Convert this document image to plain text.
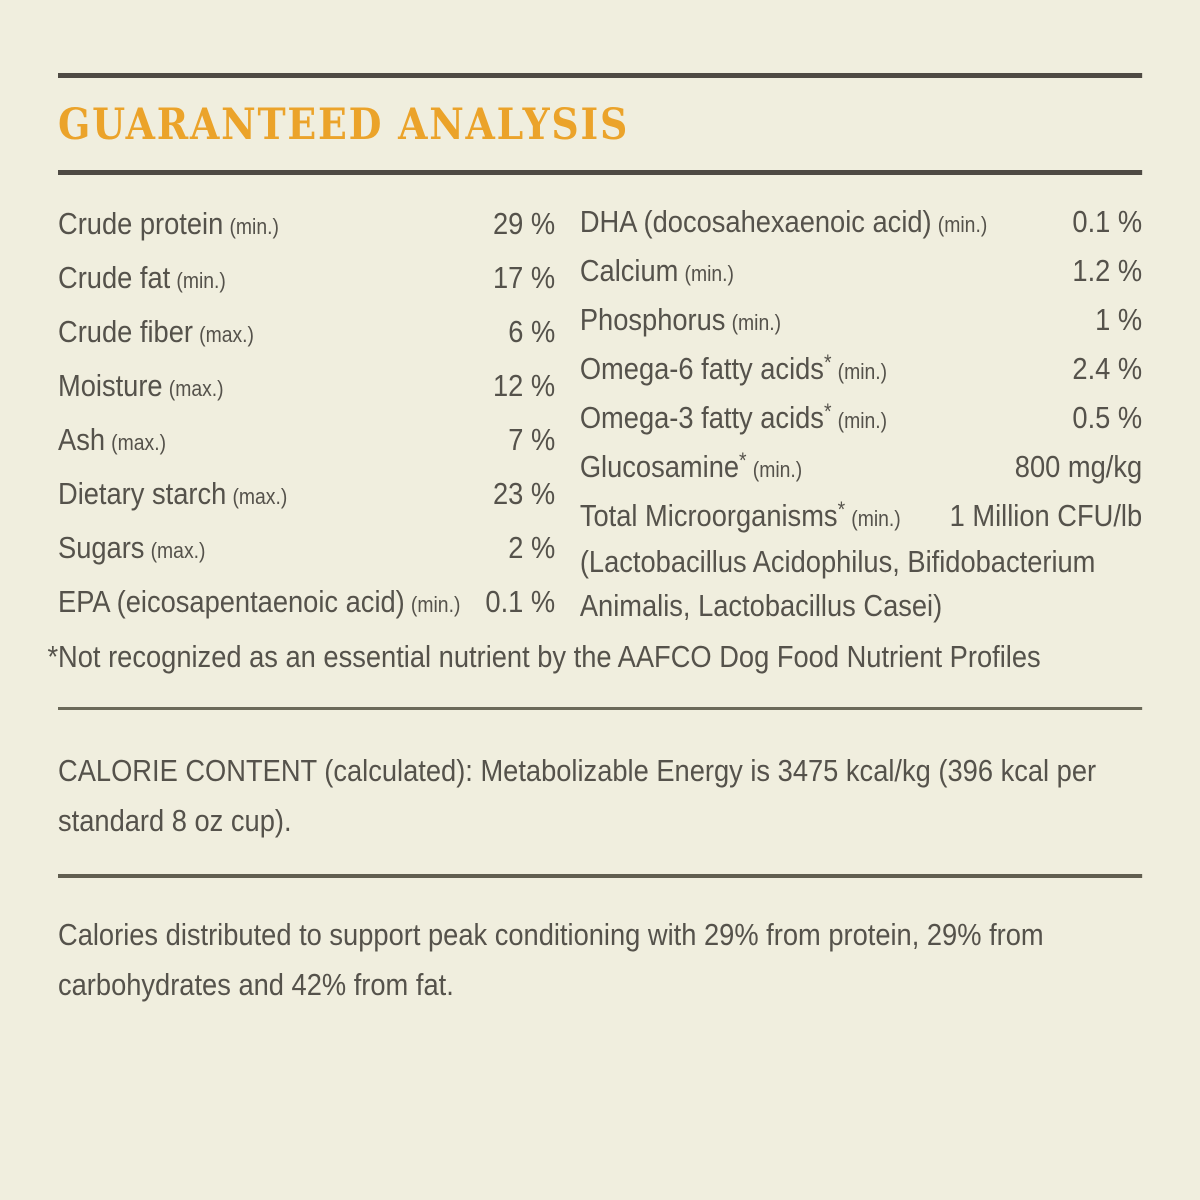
GUARANTEED ANALYSIS
Crude protein (min.)	29 %
Crude fat (min.)	17 %
Crude fiber (max.)	6 %
Moisture (max.)	12 %
Ash (max.)	7 %
Dietary starch (max.)	23 %
Sugars (max.)	2 %
EPA (eicosapentaenoic acid) (min.) 0.1 %
DHA (docosahexaenoic acid) (min.)	0.1 %
Calcium (min.)	1.2 %
Phosphorus (min.)	1 %
Omega-6 fatty acids* (min.)	2.4 %
Omega-3 fatty acids* (min.)	0.5 %
Glucosamine* (min.)	800 mg/kg
Total Microorganisms* (min.) 1 Million CFU/lb
(Lactobacillus Acidophilus, Bifidobacterium
Animalis, Lactobacillus Casei)
*Not recognized as an essential nutrient by the AAFCO Dog Food Nutrient Profiles
CALORIE CONTENT (calculated): Metabolizable Energy is 3475 kcal/kg (396 kcal per
standard 8 oz cup).
Calories distributed to support peak conditioning with 29% from protein, 29% from
carbohydrates and 42% from fat.
